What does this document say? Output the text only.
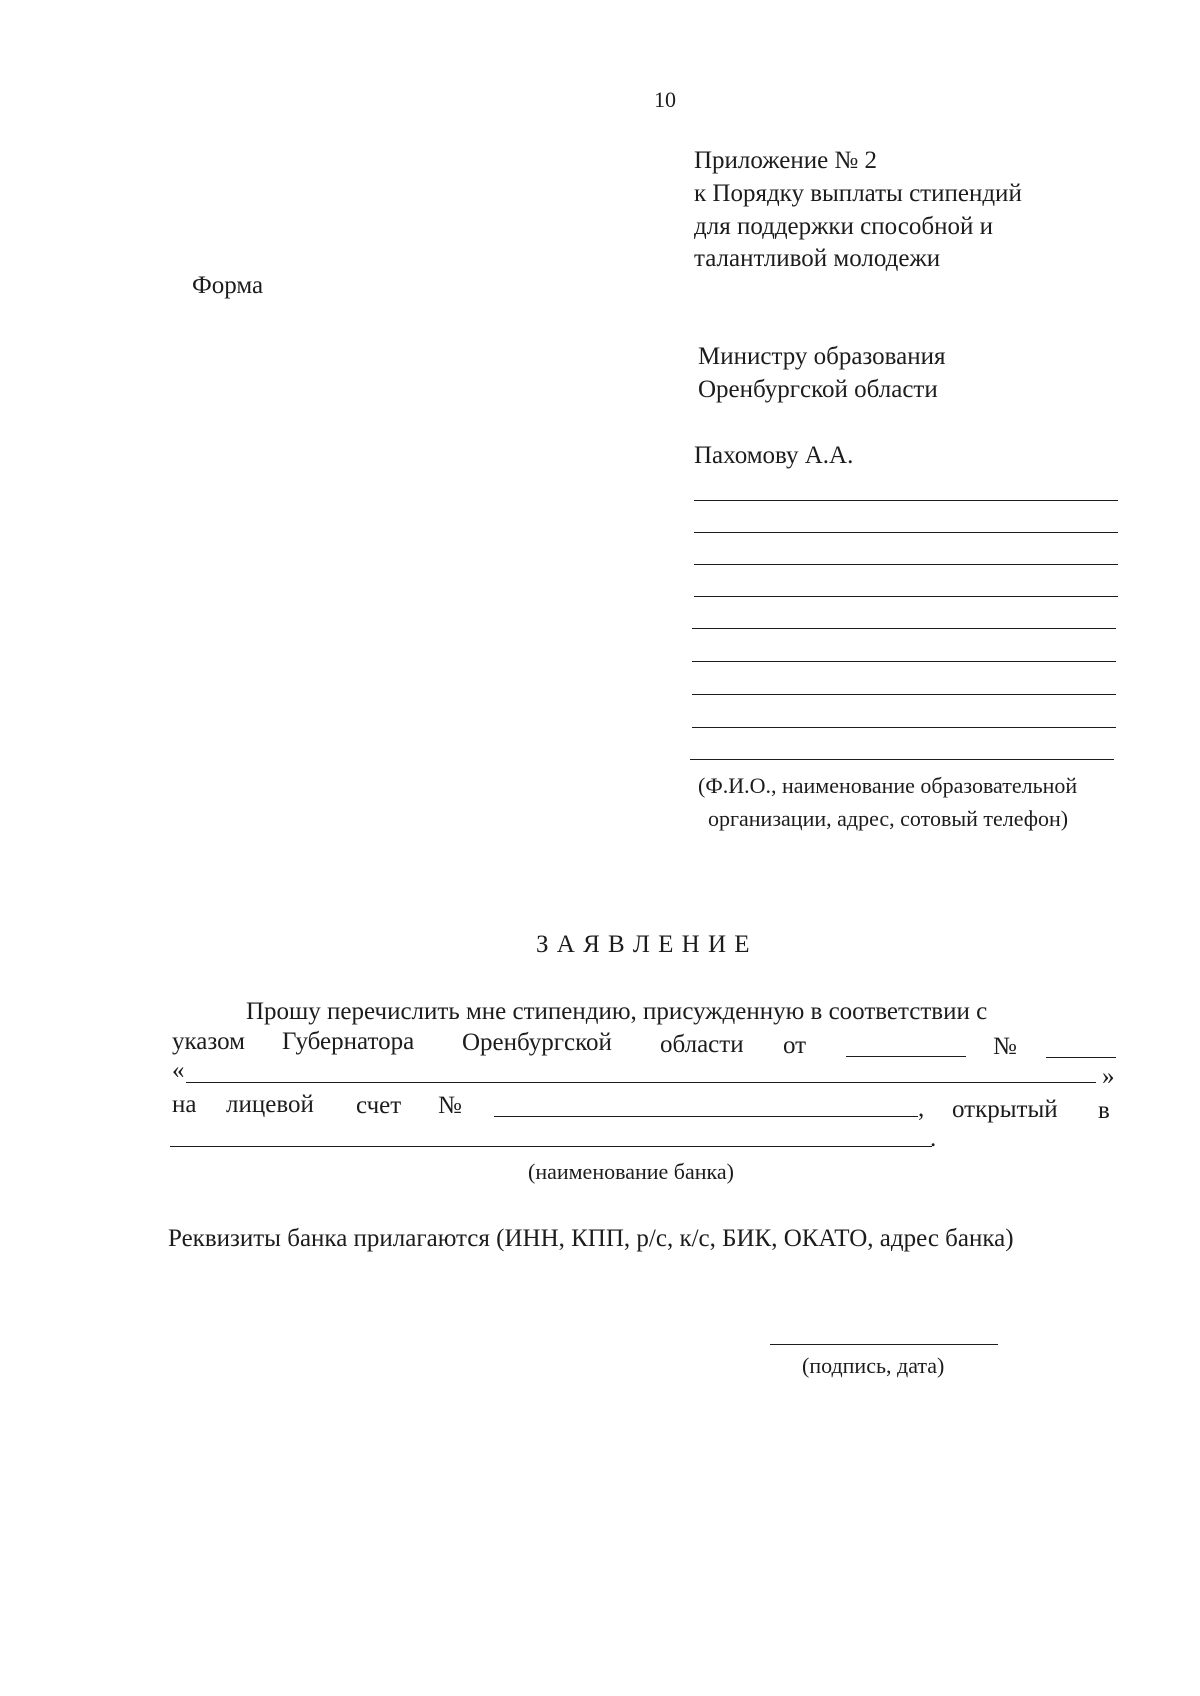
10
Приложение № 2
к Порядку выплаты стипендий
для поддержки способной и
талантливой молодежи
Форма
Министру образования
Оренбургской области
Пахомову А.А.
(Ф.И.О., наименование образовательной
организации, адрес, сотовый телефон)
З А Я В Л Е Н И Е
Прошу перечислить мне стипендию, присужденную в соответствии с
указом Губернатора Оренбургской области от	№
«	»
на лицевой счет №	, открытый в
.
(наименование банка)
Реквизиты банка прилагаются (ИНН, КПП, р/с, к/с, БИК, ОКАТО, адрес банка)
(подпись, дата)
